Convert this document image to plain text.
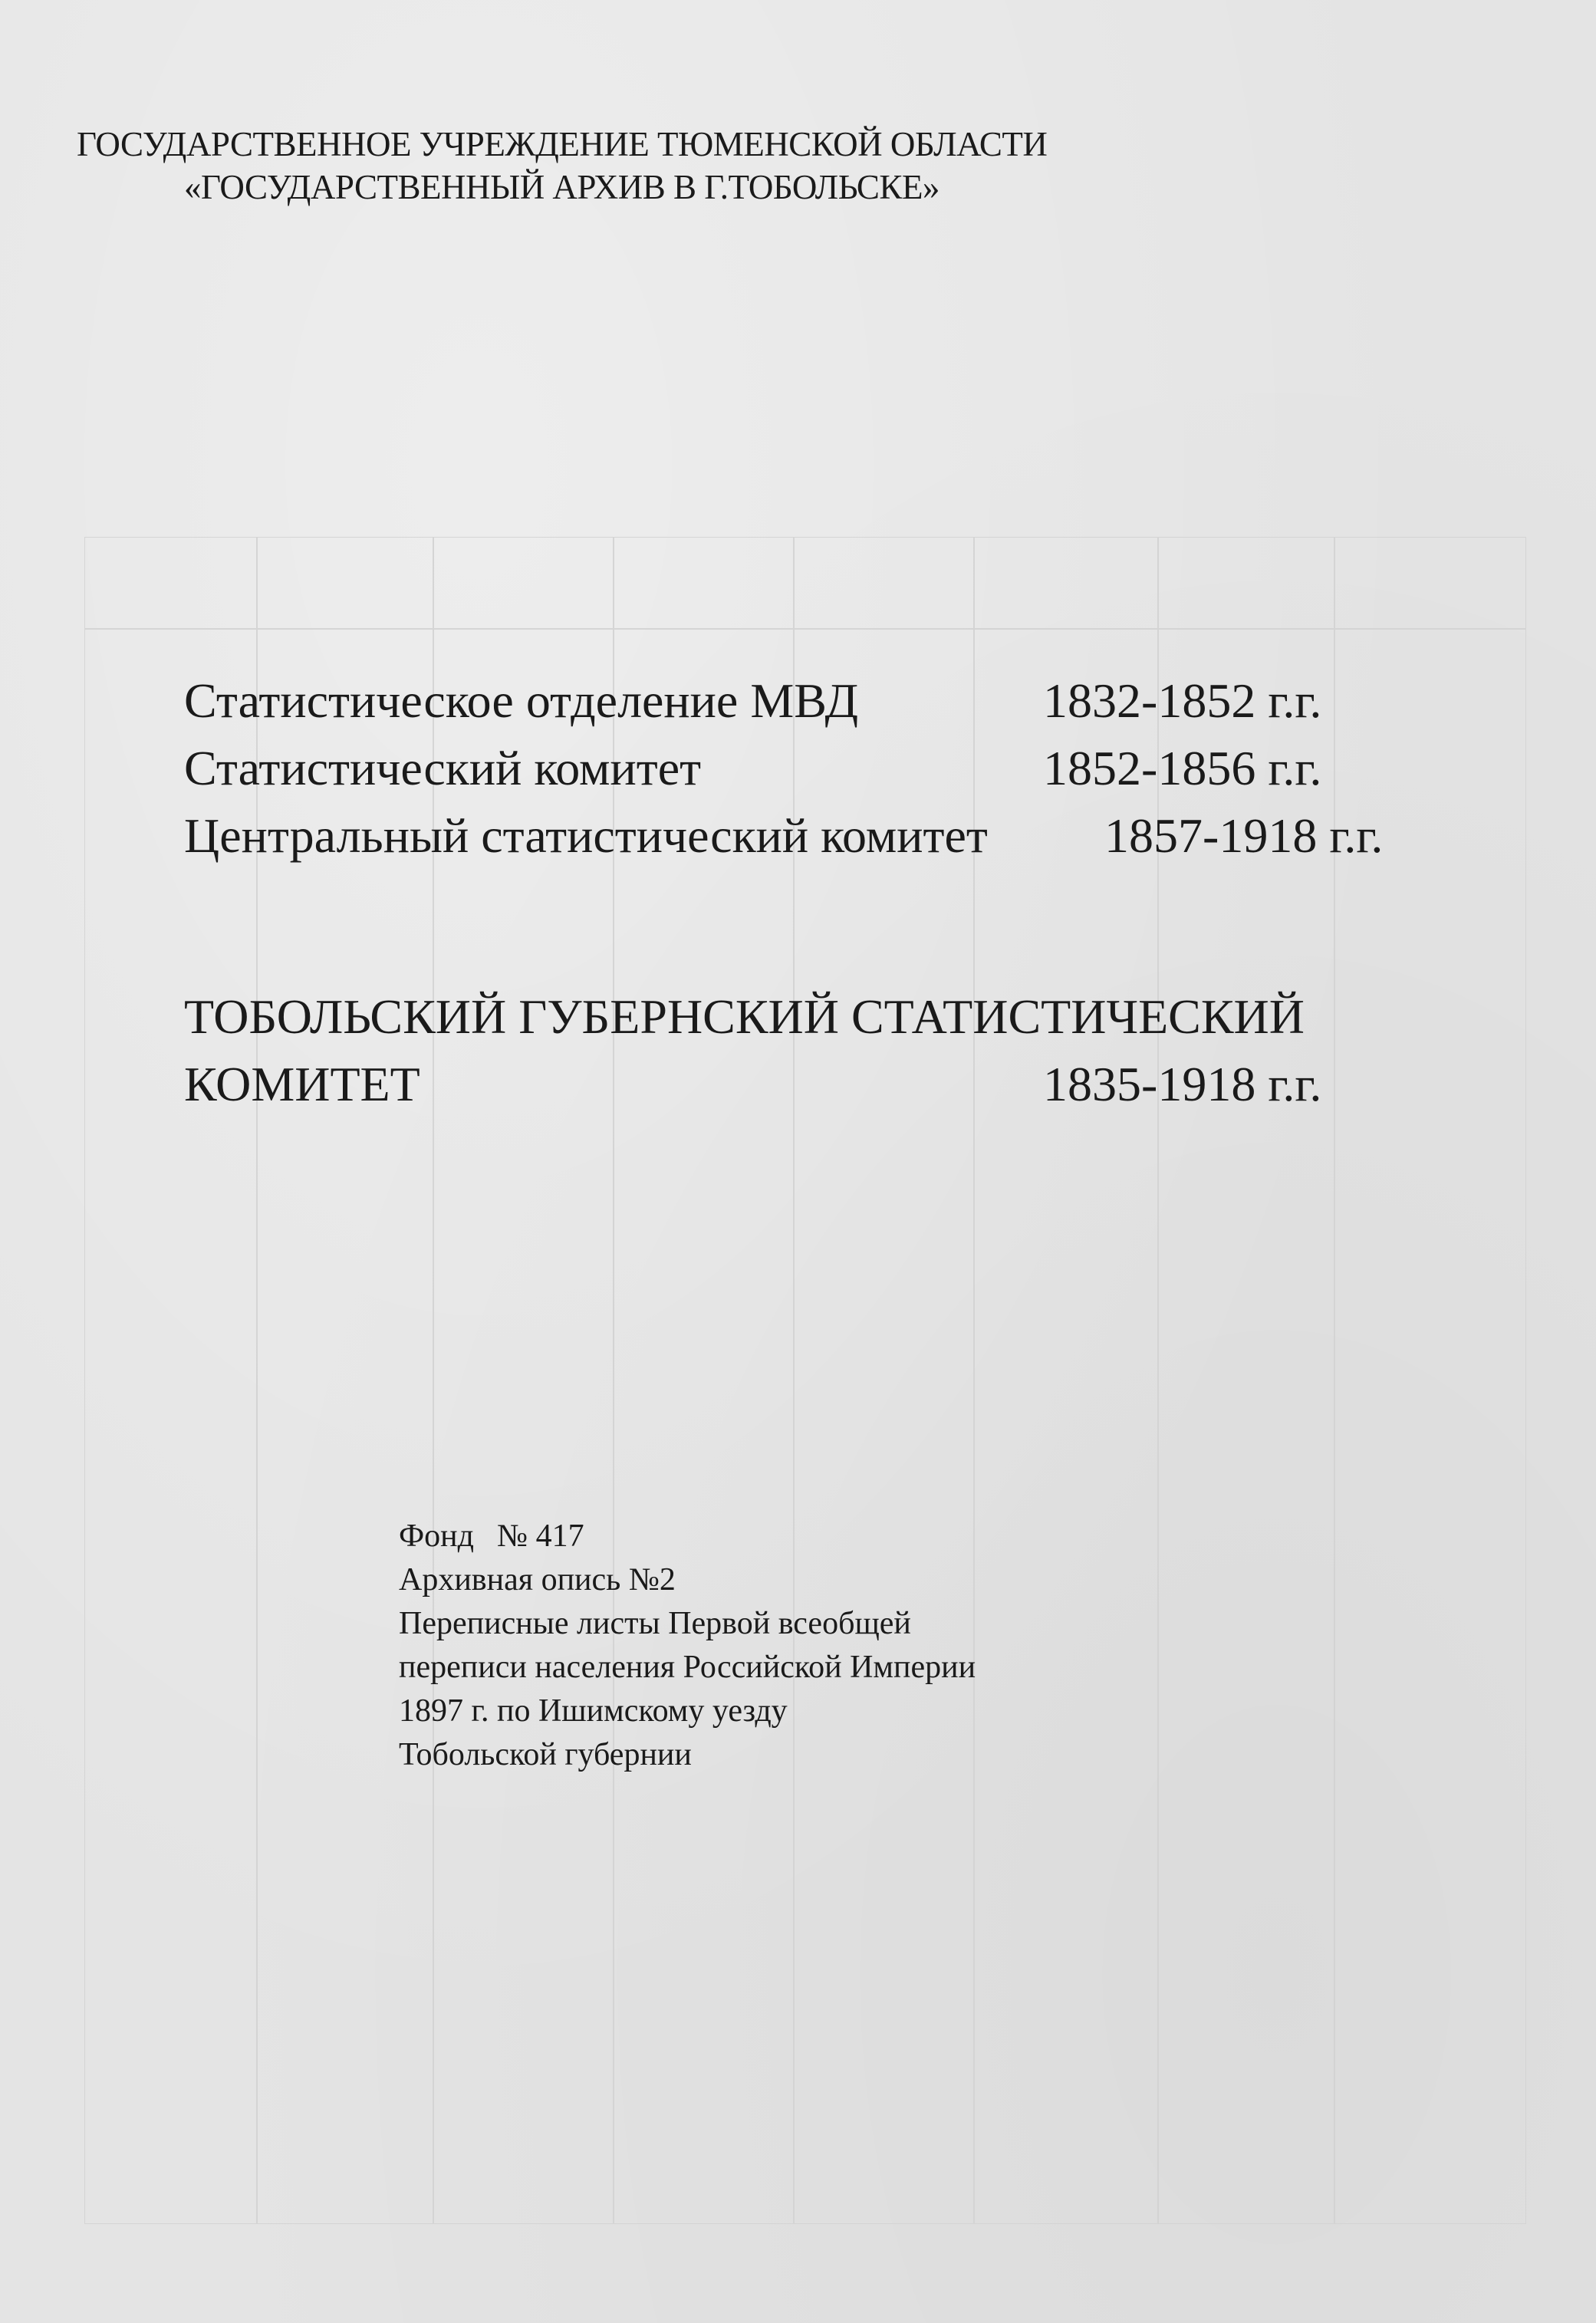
ГОСУДАРСТВЕННОЕ УЧРЕЖДЕНИЕ ТЮМЕНСКОЙ ОБЛАСТИ
«ГОСУДАРСТВЕННЫЙ АРХИВ В Г.ТОБОЛЬСКЕ»
Статистическое отделение МВД	1832-1852 г.г.
Статистический комитет	1852-1856 г.г.
Центральный статистический комитет 1857-1918 г.г.
ТОБОЛЬСКИЙ ГУБЕРНСКИЙ СТАТИСТИЧЕСКИЙ
КОМИТЕТ	1835-1918 г.г.
Фонд № 417
Архивная опись №2
Переписные листы Первой всеобщей
переписи населения Российской Империи
1897 г. по Ишимскому уезду
Тобольской губернии
